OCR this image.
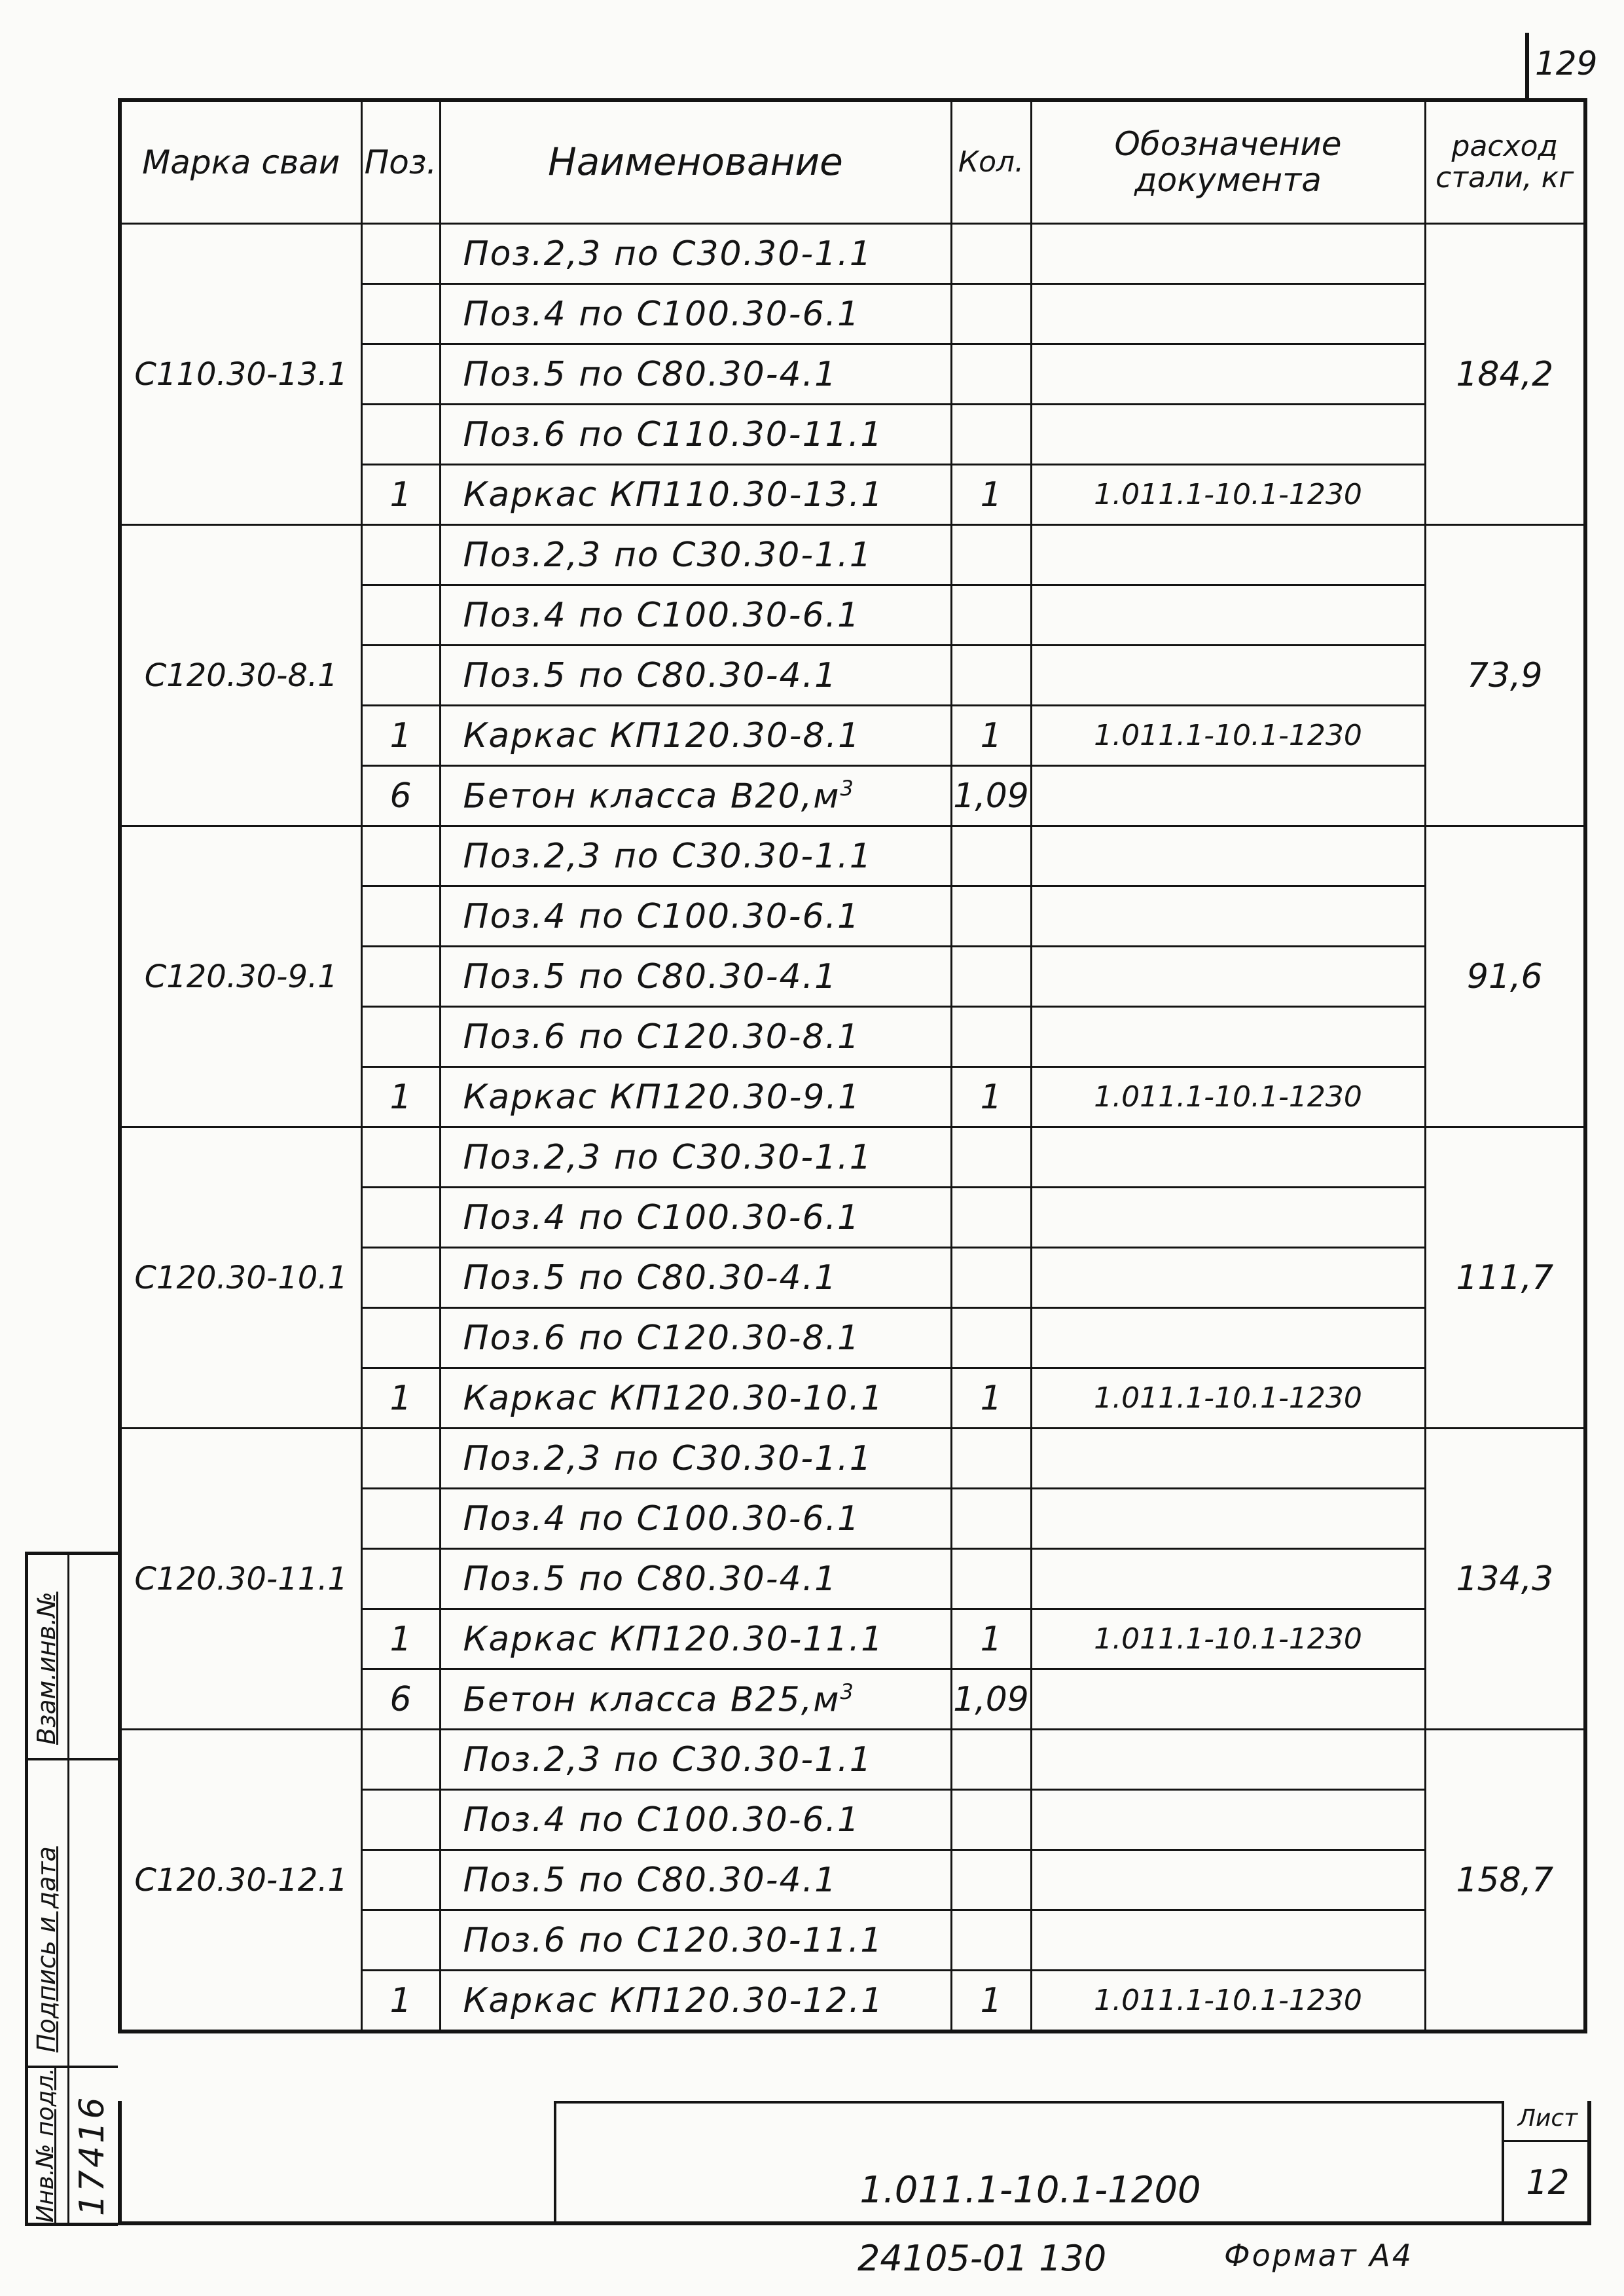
129
Марка сваи	Поз.	Наименование	Кол.	Обозначение документа	расход стали, кг
С110.30-13.1		Поз.2,3 по С30.30-1.1			184,2
		Поз.4 по С100.30-6.1			
		Поз.5 по С80.30-4.1			
		Поз.6 по С110.30-11.1			
	1	Каркас КП110.30-13.1	1	1.011.1-10.1-1230	
С120.30-8.1		Поз.2,3 по С30.30-1.1			73,9
		Поз.4 по С100.30-6.1			
		Поз.5 по С80.30-4.1			
	1	Каркас КП120.30-8.1	1	1.011.1-10.1-1230	
	6	Бетон класса $В20,м^3$	1,09		
С120.30-9.1		Поз.2,3 по С30.30-1.1			91,6
		Поз.4 по С100.30-6.1			
		Поз.5 по С80.30-4.1			
		Поз.6 по С120.30-8.1			
	1	Каркас КП120.30-9.1	1	1.011.1-10.1-1230	
С120.30-10.1		Поз.2,3 по С30.30-1.1			111,7
		Поз.4 по С100.30-6.1			
		Поз.5 по С80.30-4.1			
		Поз.6 по С120.30-8.1			
	1	Каркас КП120.30-10.1	1	1.011.1-10.1-1230	
С120.30-11.1		Поз.2,3 по С30.30-1.1			134,3
		Поз.4 по С100.30-6.1			
		Поз.5 по С80.30-4.1			
	1	Каркас КП120.30-11.1	1	1.011.1-10.1-1230	
	6	Бетон класса $В25,м^3$	1,09		
С120.30-12.1		Поз.2,3 по С30.30-1.1			158,7
		Поз.4 по С100.30-6.1			
		Поз.5 по С80.30-4.1			
		Поз.6 по С120.30-11.1			
	1	Каркас КП120.30-12.1	1	1.011.1-10.1-1230	
1.011.1-10.1-1200
Лист
12
24105-01 130	Формат А4
Взам.инв.№
Подпись и дата
Инв.№ подл. 17416
